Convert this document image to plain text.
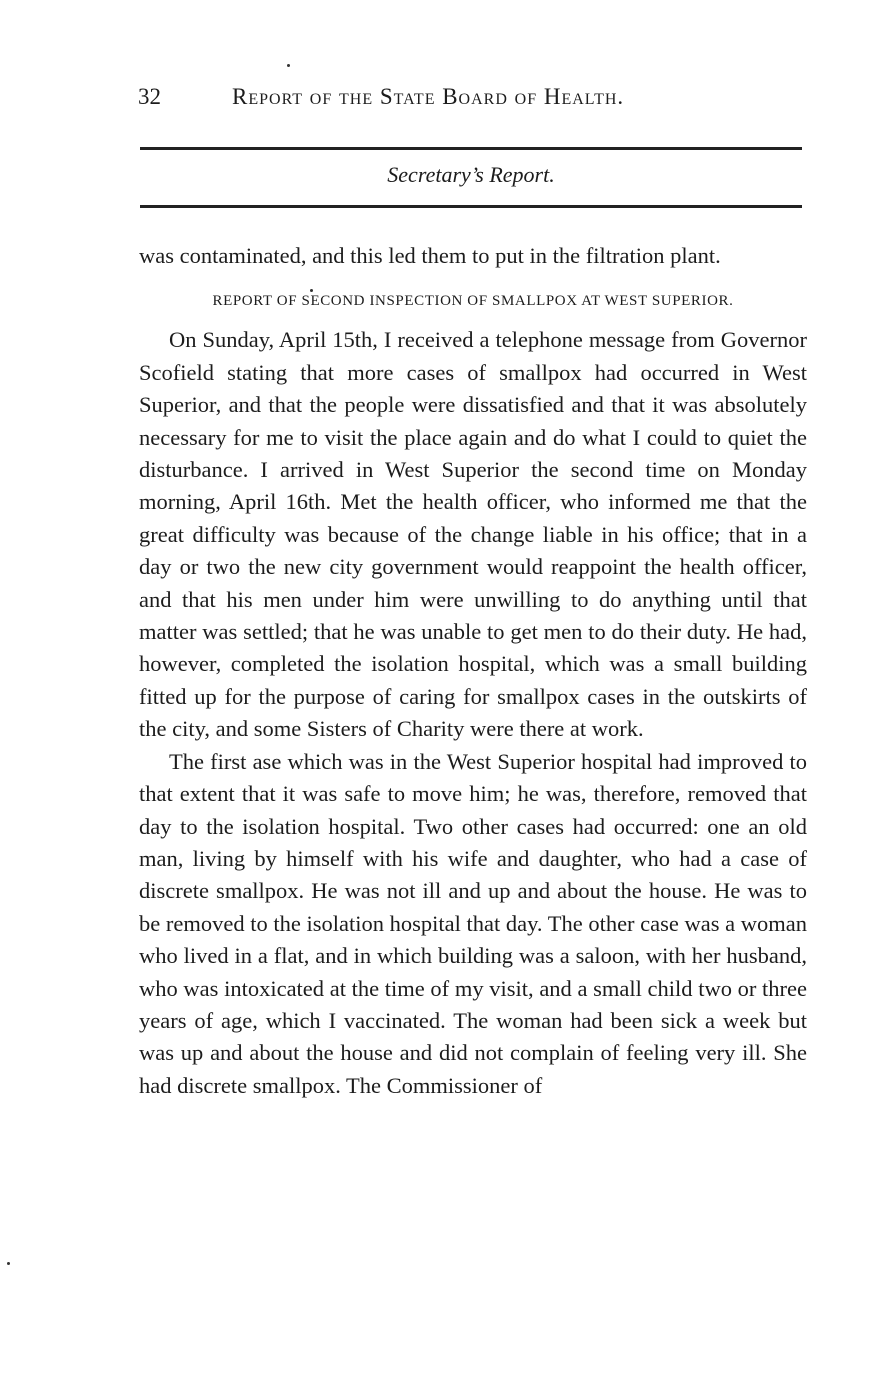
32	Report of the State Board of Health.
Secretary’s Report.

was contaminated, and this led them to put in the filtration plant.

REPORT OF SECOND INSPECTION OF SMALLPOX AT WEST SUPERIOR.

On Sunday, April 15th, I received a telephone message from Governor Scofield stating that more cases of smallpox had occurred in West Superior, and that the people were dissatisfied and that it was absolutely necessary for me to visit the place again and do what I could to quiet the disturbance. I arrived in West Superior the second time on Monday morning, April 16th. Met the health officer, who informed me that the great difficulty was because of the change liable in his office; that in a day or two the new city government would reappoint the health officer, and that his men under him were unwilling to do anything until that matter was settled; that he was unable to get men to do their duty. He had, however, completed the isolation hospital, which was a small building fitted up for the purpose of caring for smallpox cases in the outskirts of the city, and some Sisters of Charity were there at work.

The first ase which was in the West Superior hospital had improved to that extent that it was safe to move him; he was, therefore, removed that day to the isolation hospital. Two other cases had occurred: one an old man, living by himself with his wife and daughter, who had a case of discrete smallpox. He was not ill and up and about the house. He was to be removed to the isolation hospital that day. The other case was a woman who lived in a flat, and in which building was a saloon, with her husband, who was intoxicated at the time of my visit, and a small child two or three years of age, which I vaccinated. The woman had been sick a week but was up and about the house and did not complain of feeling very ill. She had discrete smallpox. The Commissioner of
